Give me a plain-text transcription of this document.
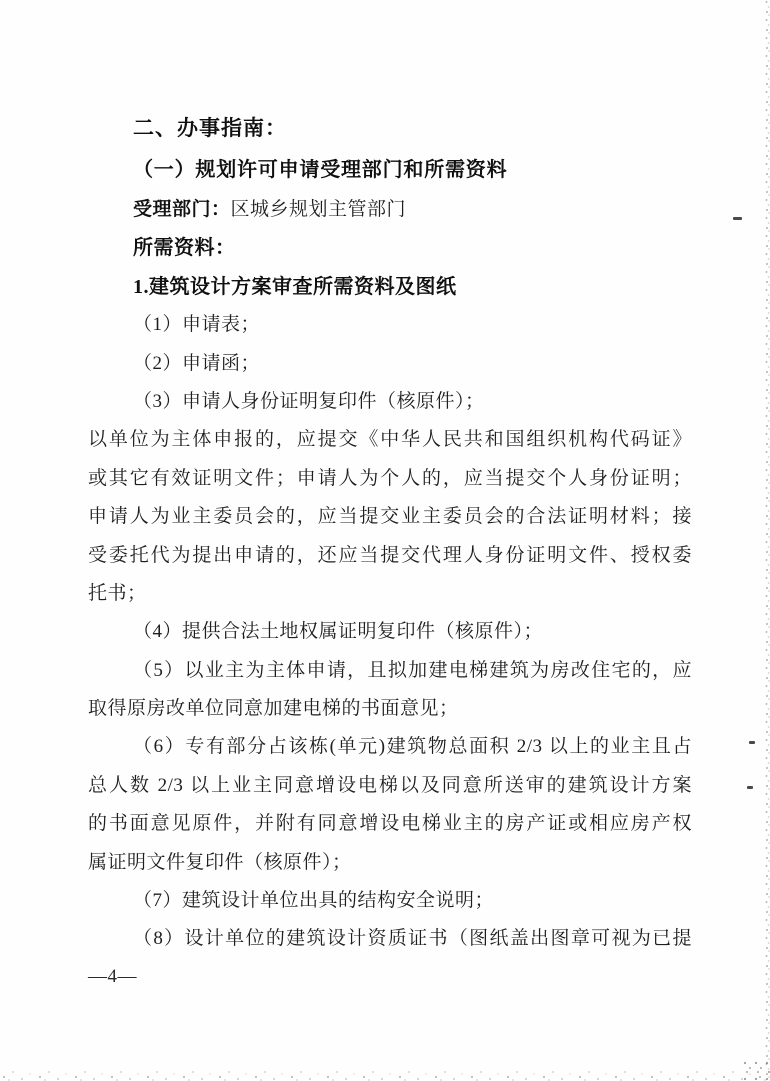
二、办事指南：
（一）规划许可申请受理部门和所需资料
受理部门：区城乡规划主管部门
所需资料：
1.建筑设计方案审查所需资料及图纸
（1）申请表；
（2）申请函；
（3）申请人身份证明复印件（核原件）；
以单位为主体申报的，应提交《中华人民共和国组织机构代码证》
或其它有效证明文件；申请人为个人的，应当提交个人身份证明；
申请人为业主委员会的，应当提交业主委员会的合法证明材料；接
受委托代为提出申请的，还应当提交代理人身份证明文件、授权委
托书；
（4）提供合法土地权属证明复印件（核原件）；
（5）以业主为主体申请，且拟加建电梯建筑为房改住宅的，应
取得原房改单位同意加建电梯的书面意见；
（6）专有部分占该栋(单元)建筑物总面积 2/3 以上的业主且占
总人数 2/3 以上业主同意增设电梯以及同意所送审的建筑设计方案
的书面意见原件，并附有同意增设电梯业主的房产证或相应房产权
属证明文件复印件（核原件）；
（7）建筑设计单位出具的结构安全说明；
（8）设计单位的建筑设计资质证书（图纸盖出图章可视为已提
—4—
